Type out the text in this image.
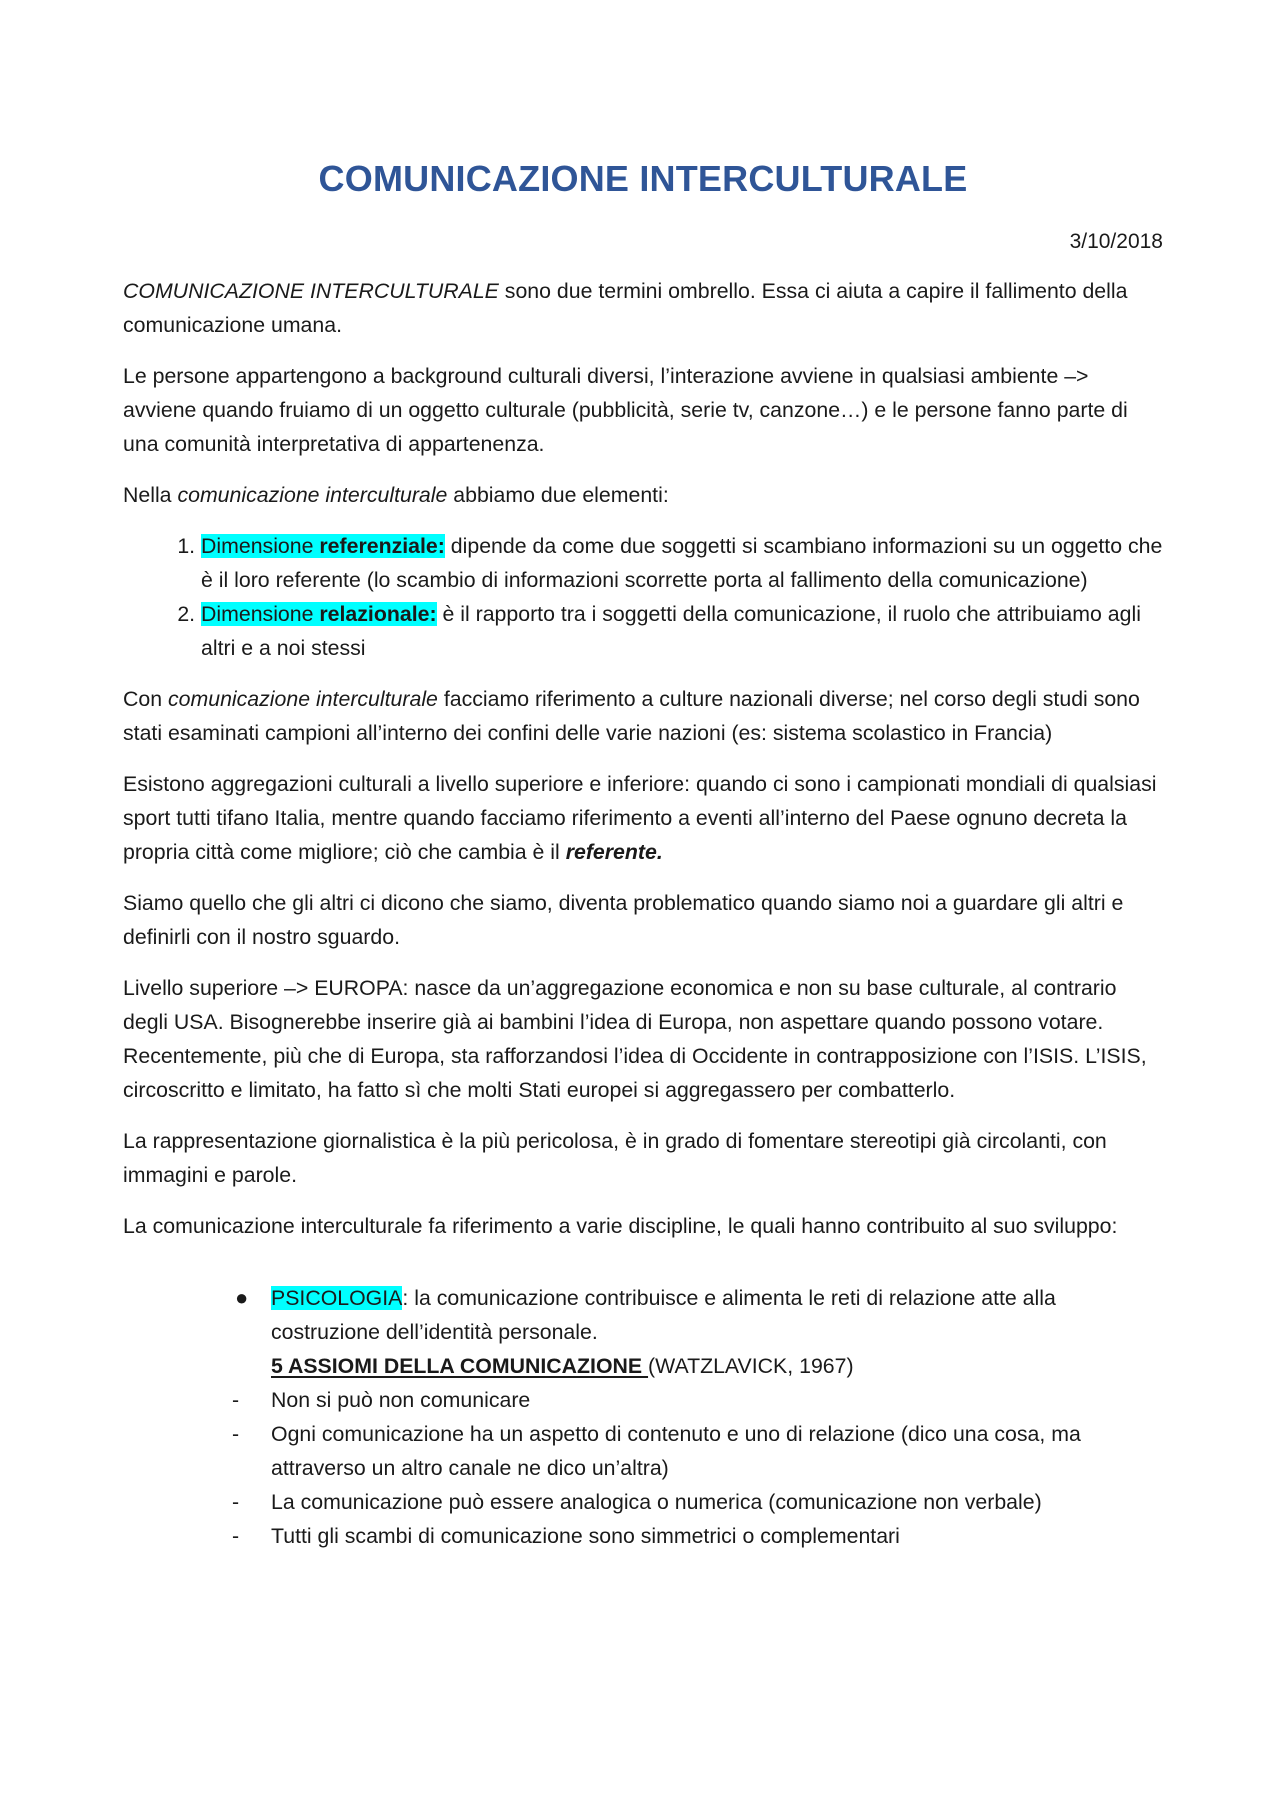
COMUNICAZIONE INTERCULTURALE
3/10/2018

COMUNICAZIONE INTERCULTURALE sono due termini ombrello. Essa ci aiuta a capire il fallimento della comunicazione umana.

Le persone appartengono a background culturali diversi, l’interazione avviene in qualsiasi ambiente –> avviene quando fruiamo di un oggetto culturale (pubblicità, serie tv, canzone…) e le persone fanno parte di una comunità interpretativa di appartenenza.

Nella comunicazione interculturale abbiamo due elementi:

1. Dimensione referenziale: dipende da come due soggetti si scambiano informazioni su un oggetto che è il loro referente (lo scambio di informazioni scorrette porta al fallimento della comunicazione)
2. Dimensione relazionale: è il rapporto tra i soggetti della comunicazione, il ruolo che attribuiamo agli altri e a noi stessi

Con comunicazione interculturale facciamo riferimento a culture nazionali diverse; nel corso degli studi sono stati esaminati campioni all’interno dei confini delle varie nazioni (es: sistema scolastico in Francia)

Esistono aggregazioni culturali a livello superiore e inferiore: quando ci sono i campionati mondiali di qualsiasi sport tutti tifano Italia, mentre quando facciamo riferimento a eventi all’interno del Paese ognuno decreta la propria città come migliore; ciò che cambia è il referente.

Siamo quello che gli altri ci dicono che siamo, diventa problematico quando siamo noi a guardare gli altri e definirli con il nostro sguardo.

Livello superiore –> EUROPA: nasce da un’aggregazione economica e non su base culturale, al contrario degli USA. Bisognerebbe inserire già ai bambini l’idea di Europa, non aspettare quando possono votare. Recentemente, più che di Europa, sta rafforzandosi l’idea di Occidente in contrapposizione con l’ISIS. L’ISIS, circoscritto e limitato, ha fatto sì che molti Stati europei si aggregassero per combatterlo.

La rappresentazione giornalistica è la più pericolosa, è in grado di fomentare stereotipi già circolanti, con immagini e parole.

La comunicazione interculturale fa riferimento a varie discipline, le quali hanno contribuito al suo sviluppo:

● PSICOLOGIA: la comunicazione contribuisce e alimenta le reti di relazione atte alla costruzione dell’identità personale.
5 ASSIOMI DELLA COMUNICAZIONE (WATZLAVICK, 1967)
- Non si può non comunicare
- Ogni comunicazione ha un aspetto di contenuto e uno di relazione (dico una cosa, ma attraverso un altro canale ne dico un’altra)
- La comunicazione può essere analogica o numerica (comunicazione non verbale)
- Tutti gli scambi di comunicazione sono simmetrici o complementari
